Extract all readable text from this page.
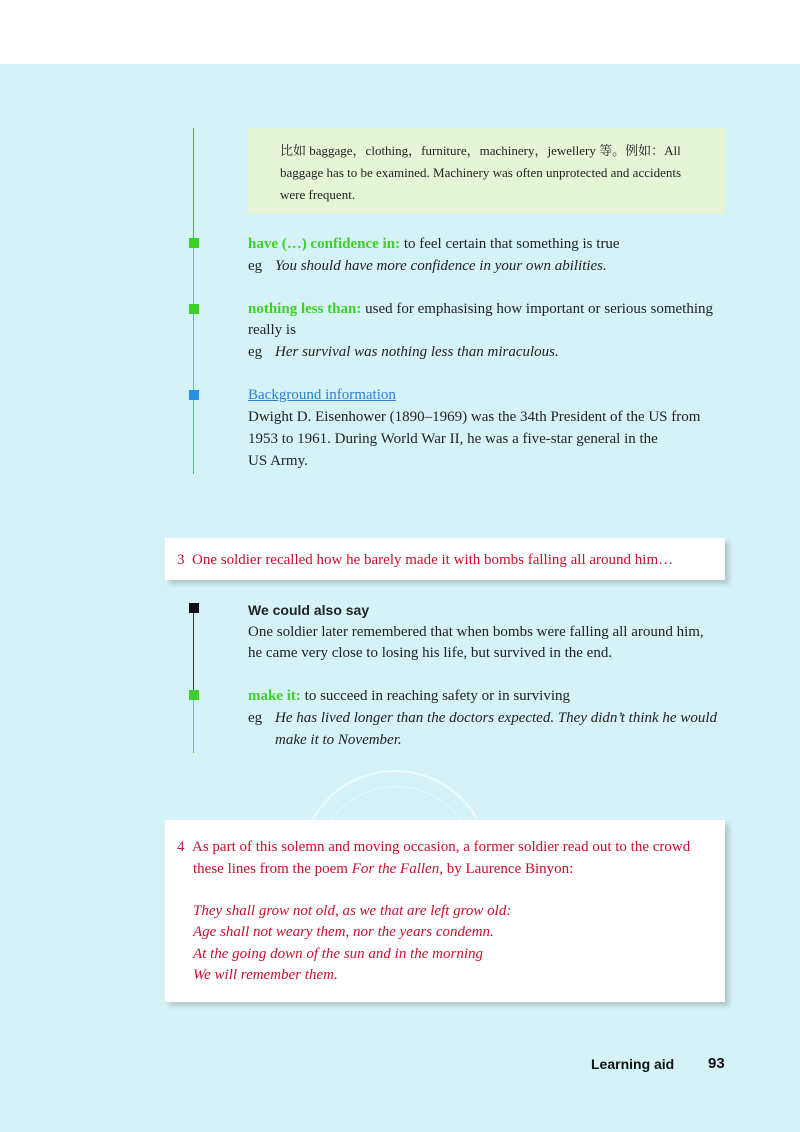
比如 baggage，clothing，furniture，machinery，jewellery 等。例如：All
baggage has to be examined. Machinery was often unprotected and accidents
were frequent.
have (…) confidence in: to feel certain that something is true
eg You should have more confidence in your own abilities.
nothing less than: used for emphasising how important or serious something
really is
eg Her survival was nothing less than miraculous.
Background information
Dwight D. Eisenhower (1890–1969) was the 34th President of the US from
1953 to 1961. During World War II, he was a five-star general in the
US Army.
3 One soldier recalled how he barely made it with bombs falling all around him…
We could also say
One soldier later remembered that when bombs were falling all around him,
he came very close to losing his life, but survived in the end.
make it: to succeed in reaching safety or in surviving
eg He has lived longer than the doctors expected. They didn’t think he would
make it to November.
4 As part of this solemn and moving occasion, a former soldier read out to the crowd
these lines from the poem For the Fallen, by Laurence Binyon:
They shall grow not old, as we that are left grow old:
Age shall not weary them, nor the years condemn.
At the going down of the sun and in the morning
We will remember them.
Learning aid 93
